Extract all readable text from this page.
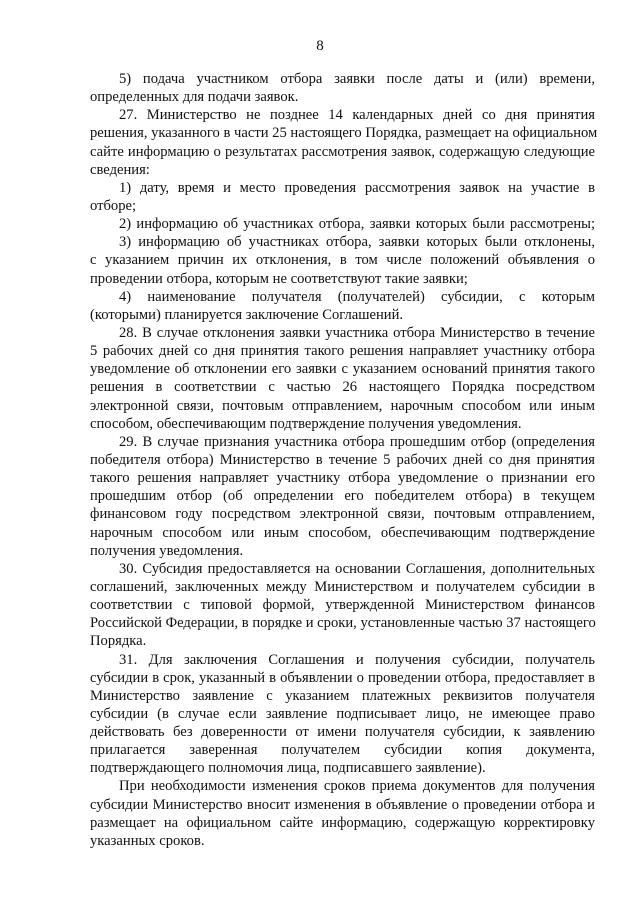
8
5) подача участником отбора заявки после даты и (или) времени,
определенных для подачи заявок.
27. Министерство не позднее 14 календарных дней со дня принятия
решения, указанного в части 25 настоящего Порядка, размещает на официальном
сайте информацию о результатах рассмотрения заявок, содержащую следующие
сведения:
1) дату, время и место проведения рассмотрения заявок на участие в
отборе;
2) информацию об участниках отбора, заявки которых были рассмотрены;
3) информацию об участниках отбора, заявки которых были отклонены,
с указанием причин их отклонения, в том числе положений объявления о
проведении отбора, которым не соответствуют такие заявки;
4) наименование получателя (получателей) субсидии, с которым
(которыми) планируется заключение Соглашений.
28. В случае отклонения заявки участника отбора Министерство в течение
5 рабочих дней со дня принятия такого решения направляет участнику отбора
уведомление об отклонении его заявки с указанием оснований принятия такого
решения в соответствии с частью 26 настоящего Порядка посредством
электронной связи, почтовым отправлением, нарочным способом или иным
способом, обеспечивающим подтверждение получения уведомления.
29. В случае признания участника отбора прошедшим отбор (определения
победителя отбора) Министерство в течение 5 рабочих дней со дня принятия
такого решения направляет участнику отбора уведомление о признании его
прошедшим отбор (об определении его победителем отбора) в текущем
финансовом году посредством электронной связи, почтовым отправлением,
нарочным способом или иным способом, обеспечивающим подтверждение
получения уведомления.
30. Субсидия предоставляется на основании Соглашения, дополнительных
соглашений, заключенных между Министерством и получателем субсидии в
соответствии с типовой формой, утвержденной Министерством финансов
Российской Федерации, в порядке и сроки, установленные частью 37 настоящего
Порядка.
31. Для заключения Соглашения и получения субсидии, получатель
субсидии в срок, указанный в объявлении о проведении отбора, предоставляет в
Министерство заявление с указанием платежных реквизитов получателя
субсидии (в случае если заявление подписывает лицо, не имеющее право
действовать без доверенности от имени получателя субсидии, к заявлению
прилагается заверенная получателем субсидии копия документа,
подтверждающего полномочия лица, подписавшего заявление).
При необходимости изменения сроков приема документов для получения
субсидии Министерство вносит изменения в объявление о проведении отбора и
размещает на официальном сайте информацию, содержащую корректировку
указанных сроков.
